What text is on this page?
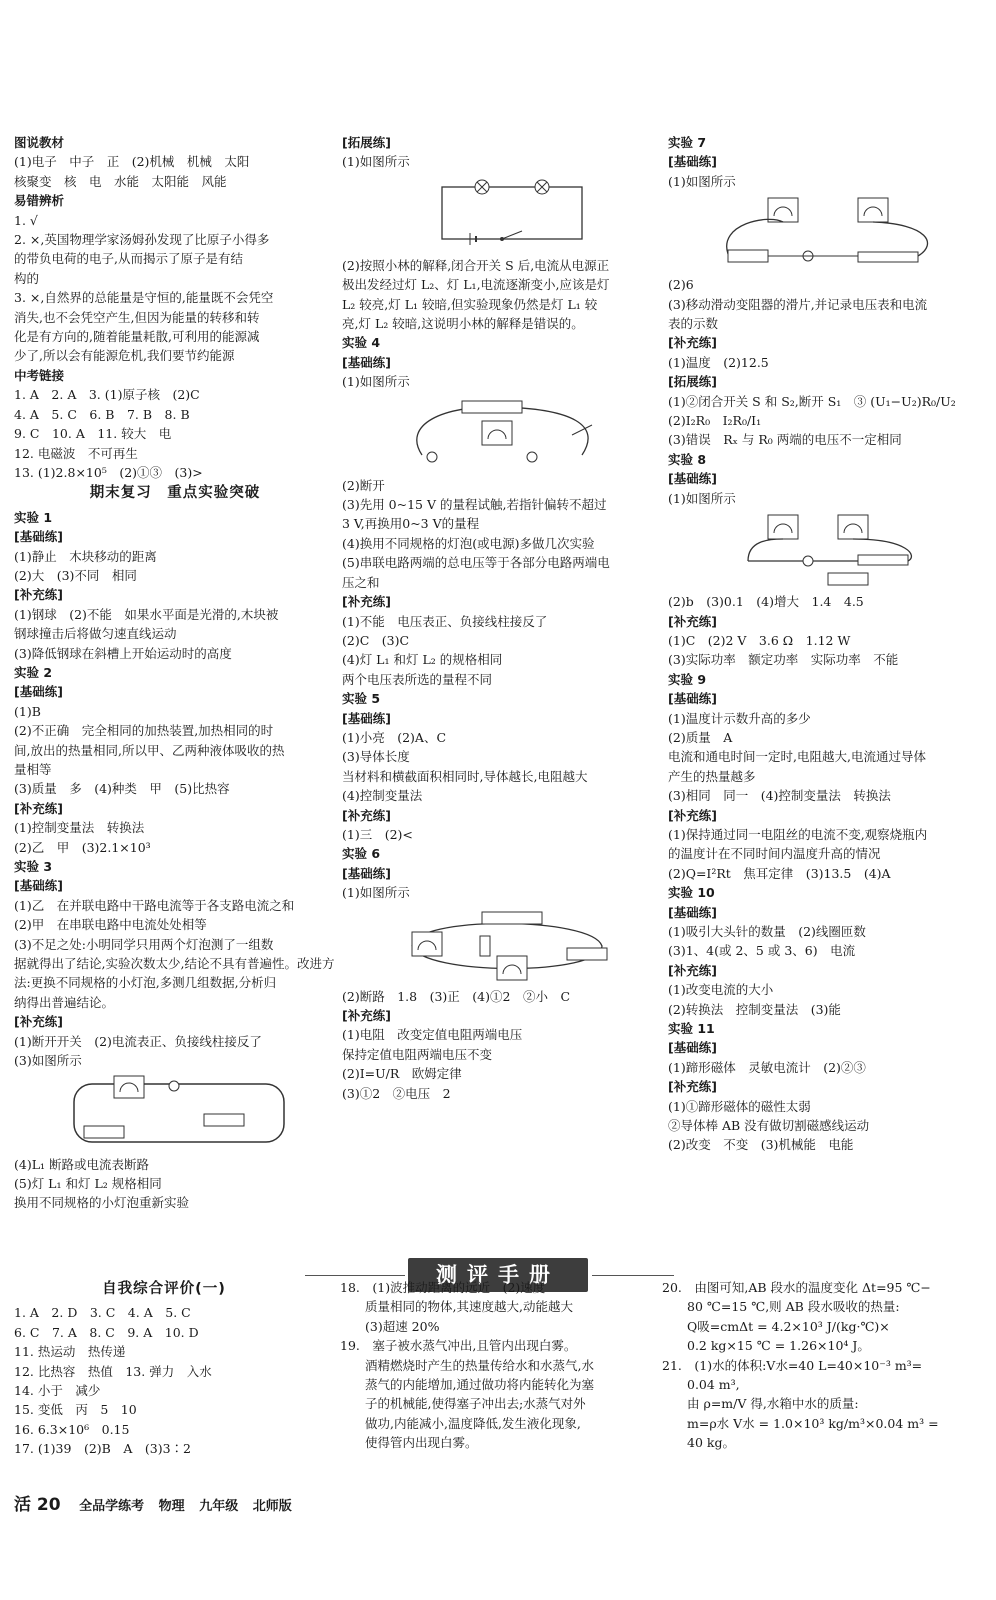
图说教材
(1)电子　中子　正　(2)机械　机械　太阳
核聚变　核　电　水能　太阳能　风能
易错辨析
1. √
2. ×,英国物理学家汤姆孙发现了比原子小得多
的带负电荷的电子,从而揭示了原子是有结
构的
3. ×,自然界的总能量是守恒的,能量既不会凭空
消失,也不会凭空产生,但因为能量的转移和转
化是有方向的,随着能量耗散,可利用的能源减
少了,所以会有能源危机,我们要节约能源
中考链接
1. A　2. A　3. (1)原子核　(2)C
4. A　5. C　6. B　7. B　8. B
9. C　10. A　11. 较大　电
12. 电磁波　不可再生
13. (1)2.8×10⁵　(2)①③　(3)>
期末复习　重点实验突破
实验 1
[基础练]
(1)静止　木块移动的距离
(2)大　(3)不同　相同
[补充练]
(1)钢球　(2)不能　如果水平面是光滑的,木块被
钢球撞击后将做匀速直线运动
(3)降低钢球在斜槽上开始运动时的高度
实验 2
[基础练]
(1)B
(2)不正确　完全相同的加热装置,加热相同的时
间,放出的热量相同,所以甲、乙两种液体吸收的热
量相等
(3)质量　多　(4)种类　甲　(5)比热容
[补充练]
(1)控制变量法　转换法
(2)乙　甲　(3)2.1×10³
实验 3
[基础练]
(1)乙　在并联电路中干路电流等于各支路电流之和
(2)甲　在串联电路中电流处处相等
(3)不足之处:小明同学只用两个灯泡测了一组数
据就得出了结论,实验次数太少,结论不具有普遍性。改进方
法:更换不同规格的小灯泡,多测几组数据,分析归
纳得出普遍结论。
[补充练]
(1)断开开关　(2)电流表正、负接线柱接反了
(3)如图所示
(4)L₁ 断路或电流表断路
(5)灯 L₁ 和灯 L₂ 规格相同
换用不同规格的小灯泡重新实验
[拓展练]
(1)如图所示
(2)按照小林的解释,闭合开关 S 后,电流从电源正
极出发经过灯 L₂、灯 L₁,电流逐渐变小,应该是灯
L₂ 较亮,灯 L₁ 较暗,但实验现象仍然是灯 L₁ 较
亮,灯 L₂ 较暗,这说明小林的解释是错误的。
实验 4
[基础练]
(1)如图所示
(2)断开
(3)先用 0~15 V 的量程试触,若指针偏转不超过
3 V,再换用0~3 V的量程
(4)换用不同规格的灯泡(或电源)多做几次实验
(5)串联电路两端的总电压等于各部分电路两端电
压之和
[补充练]
(1)不能　电压表正、负接线柱接反了
(2)C　(3)C
(4)灯 L₁ 和灯 L₂ 的规格相同
两个电压表所选的量程不同
实验 5
[基础练]
(1)小亮　(2)A、C
(3)导体长度
当材料和横截面积相同时,导体越长,电阻越大
(4)控制变量法
[补充练]
(1)三　(2)<
实验 6
[基础练]
(1)如图所示
(2)断路　1.8　(3)正　(4)①2　②小　C
[补充练]
(1)电阻　改变定值电阻两端电压
保持定值电阻两端电压不变
(2)I=U/R　欧姆定律
(3)①2　②电压　2
实验 7
[基础练]
(1)如图所示
(2)6
(3)移动滑动变阻器的滑片,并记录电压表和电流
表的示数
[补充练]
(1)温度　(2)12.5
[拓展练]
(1)②闭合开关 S 和 S₂,断开 S₁　③ (U₁−U₂)R₀/U₂
(2)I₂R₀　I₂R₀/I₁
(3)错误　Rₓ 与 R₀ 两端的电压不一定相同
实验 8
[基础练]
(1)如图所示
(2)b　(3)0.1　(4)增大　1.4　4.5
[补充练]
(1)C　(2)2 V　3.6 Ω　1.12 W
(3)实际功率　额定功率　实际功率　不能
实验 9
[基础练]
(1)温度计示数升高的多少
(2)质量　A
电流和通电时间一定时,电阻越大,电流通过导体
产生的热量越多
(3)相同　同一　(4)控制变量法　转换法
[补充练]
(1)保持通过同一电阻丝的电流不变,观察烧瓶内
的温度计在不同时间内温度升高的情况
(2)Q=I²Rt　焦耳定律　(3)13.5　(4)A
实验 10
[基础练]
(1)吸引大头针的数量　(2)线圈匝数
(3)1、4(或 2、5 或 3、6)　电流
[补充练]
(1)改变电流的大小
(2)转换法　控制变量法　(3)能
实验 11
[基础练]
(1)蹄形磁体　灵敏电流计　(2)②③
[补充练]
(1)①蹄形磁体的磁性太弱
②导体棒 AB 没有做切割磁感线运动
(2)改变　不变　(3)机械能　电能
测评手册
自我综合评价(一)
1. A　2. D　3. C　4. A　5. C
6. C　7. A　8. C　9. A　10. D
11. 热运动　热传递
12. 比热容　热值　13. 弹力　入水
14. 小于　减少
15. 变低　丙　5　10
16. 6.3×10⁶　0.15
17. (1)39　(2)B　A　(3)3∶2
18.　(1)波推动距离的远近　(2)速度
　　质量相同的物体,其速度越大,动能越大
　　(3)超速 20%
19.　塞子被水蒸气冲出,且管内出现白雾。
　　酒精燃烧时产生的热量传给水和水蒸气,水
　　蒸气的内能增加,通过做功将内能转化为塞
　　子的机械能,使得塞子冲出去;水蒸气对外
　　做功,内能减小,温度降低,发生液化现象,
　　使得管内出现白雾。
20.　由图可知,AB 段水的温度变化 Δt=95 ℃−
　　80 ℃=15 ℃,则 AB 段水吸收的热量:
　　Q吸=cmΔt = 4.2×10³ J/(kg·℃)×
　　0.2 kg×15 ℃ = 1.26×10⁴ J。
21.　(1)水的体积:V水=40 L=40×10⁻³ m³=
　　0.04 m³,
　　由 ρ=m/V 得,水箱中水的质量:
　　m=ρ水 V水 = 1.0×10³ kg/m³×0.04 m³ =
　　40 kg。
活 20 全品学练考 物理 九年级 北师版
